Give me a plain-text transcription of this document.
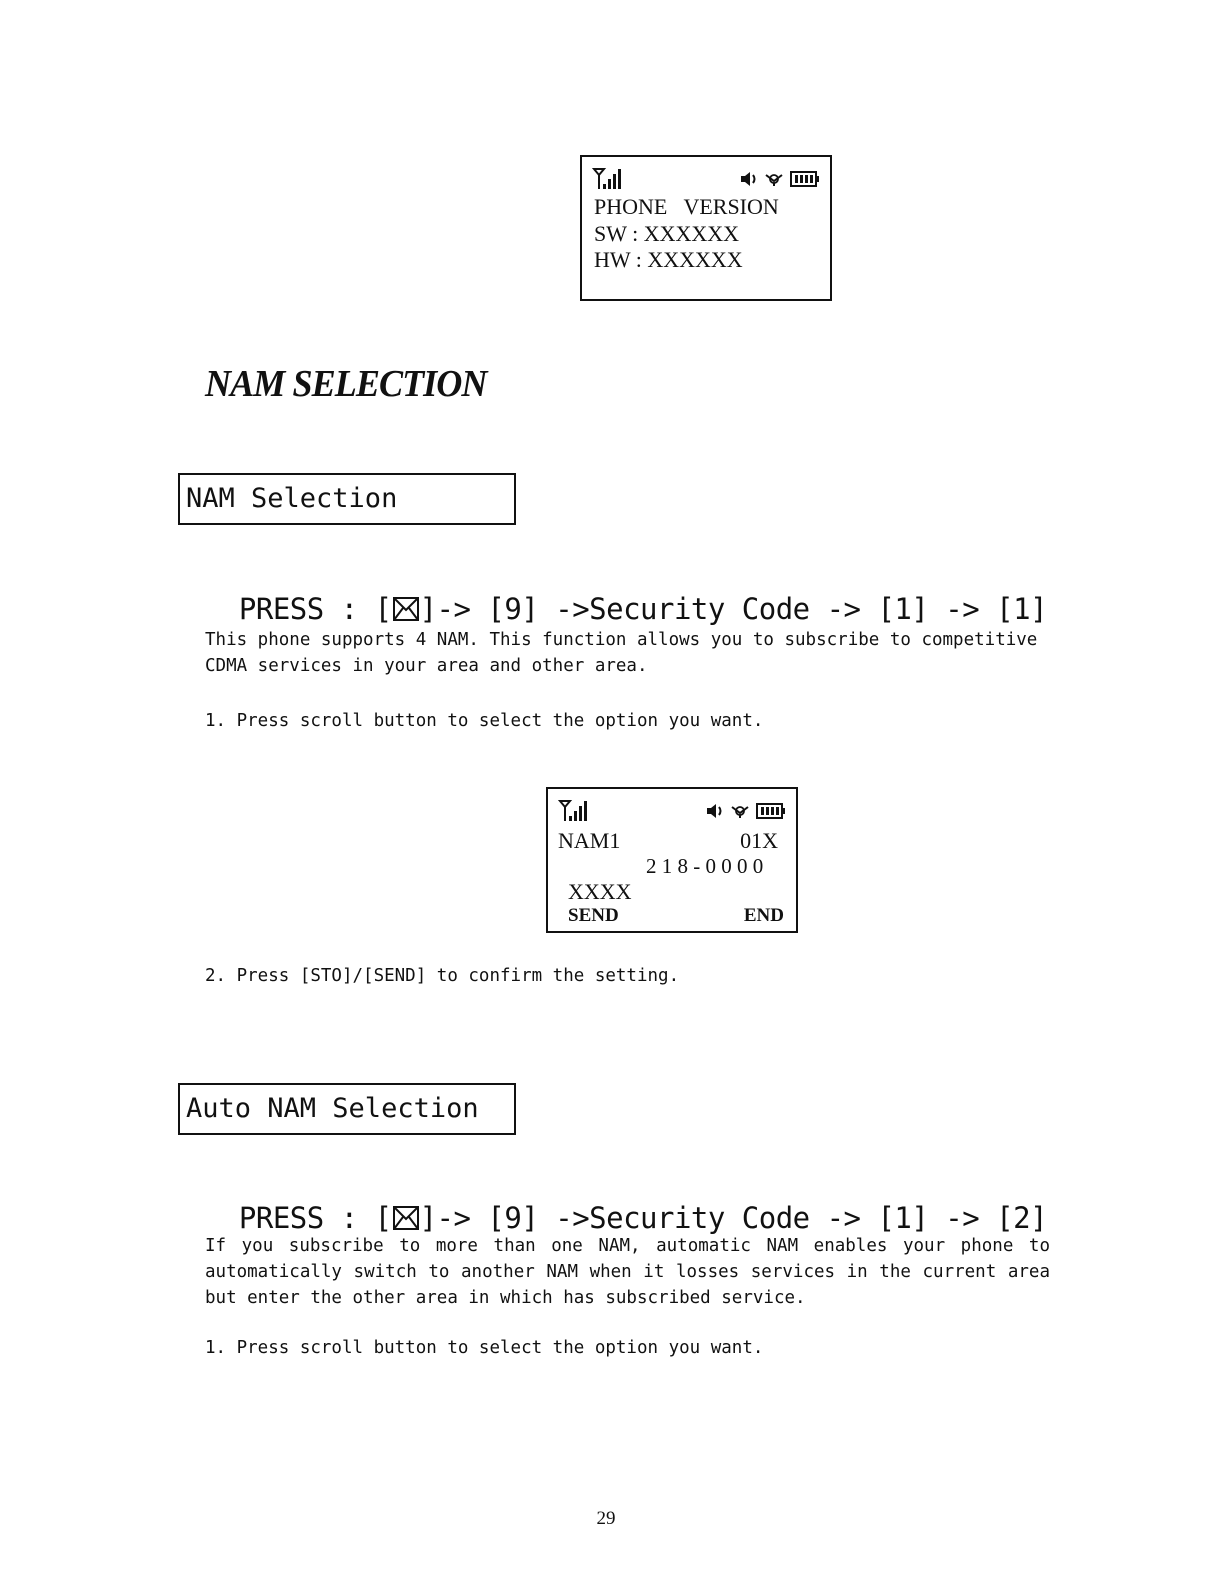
PHONE   VERSION
SW : XXXXXX
HW : XXXXXX
NAM SELECTION
NAM Selection

PRESS : [ ]-> [9] ->Security Code -> [1] -> [1]

This phone supports 4 NAM. This function allows you to subscribe to competitive CDMA services in your area and other area.
1. Press scroll button to select the option you want.
NAM1	01X
2 1 8 - 0 0 0 0
XXXX
SEND	END
2. Press [STO]/[SEND] to confirm the setting.
Auto NAM Selection

PRESS : [ ]-> [9] ->Security Code -> [1] -> [2]

If you subscribe to more than one NAM, automatic NAM enables your phone to automatically switch to another NAM when it losses services in the current area but enter the other area in which has subscribed service.
1. Press scroll button to select the option you want.
29
